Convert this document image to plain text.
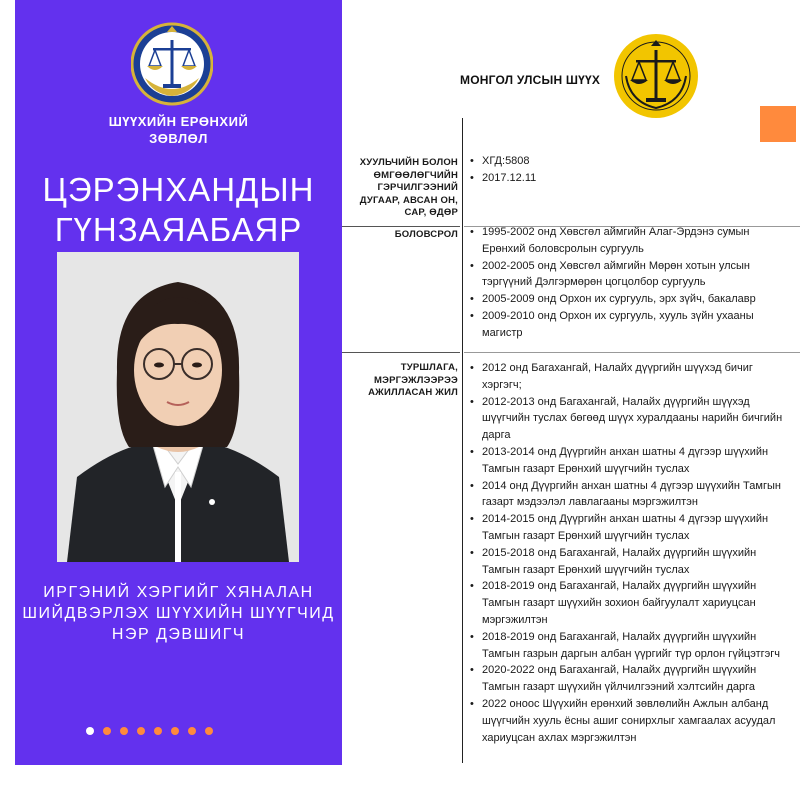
ШҮҮХИЙН ЕРӨНХИЙ
ЗӨВЛӨЛ
ЦЭРЭНХАНДЫН
ГҮНЗАЯАБАЯР
ИРГЭНИЙ ХЭРГИЙГ ХЯНАЛАН
ШИЙДВЭРЛЭХ ШҮҮХИЙН ШҮҮГЧИД
НЭР ДЭВШИГЧ
МОНГОЛ УЛСЫН ШҮҮХ
ХУУЛЬЧИЙН БОЛОН ӨМГӨӨЛӨГЧИЙН ГЭРЧИЛГЭЭНИЙ ДУГААР, АВСАН ОН, САР, ӨДӨР
• ХГД:5808
• 2017.12.11
БОЛОВСРОЛ
•	1995-2002 онд Хөвсгөл аймгийн Алаг-Эрдэнэ сумын Ерөнхий боловсролын сургууль
• 2002-2005 онд Хөвсгөл аймгийн Мөрөн хотын улсын тэргүүний Дэлгэрмөрөн цогцолбор сургууль
• 2005-2009 онд Орхон их сургууль, эрх зүйч, бакалавр
• 2009-2010 онд Орхон их сургууль, хууль зүйн ухааны магистр
ТУРШЛАГА, МЭРГЭЖЛЭЭРЭЭ АЖИЛЛАСАН ЖИЛ
• 2012 онд Багахангай, Налайх дүүргийн шүүхэд бичиг хэргэгч;
• 2012-2013 онд Багахангай, Налайх дүүргийн шүүхэд шүүгчийн туслах бөгөөд шүүх хуралдааны нарийн бичгийн дарга
• 2013-2014 онд Дүүргийн анхан шатны 4 дүгээр шүүхийн Тамгын газарт Ерөнхий шүүгчийн туслах
• 2014 онд Дүүргийн анхан шатны 4 дүгээр шүүхийн Тамгын газарт мэдээлэл лавлагааны мэргэжилтэн
• 2014-2015 онд Дүүргийн анхан шатны 4 дүгээр шүүхийн Тамгын газарт Ерөнхий шүүгчийн туслах
• 2015-2018 онд Багахангай, Налайх дүүргийн шүүхийн Тамгын газарт Ерөнхий шүүгчийн туслах
• 2018-2019 онд Багахангай, Налайх дүүргийн шүүхийн Тамгын газарт шүүхийн зохион байгуулалт хариуцсан мэргэжилтэн
• 2018-2019 онд Багахангай, Налайх дүүргийн шүүхийн Тамгын газрын даргын албан үүргийг түр орлон гүйцэтгэгч
• 2020-2022 онд Багахангай, Налайх дүүргийн шүүхийн Тамгын газарт шүүхийн үйлчилгээний хэлтсийн дарга
• 2022 оноос Шүүхийн ерөнхий зөвлөлийн Ажлын албанд шүүгчийн хууль ёсны ашиг сонирхлыг хамгаалах асуудал хариуцсан ахлах мэргэжилтэн
